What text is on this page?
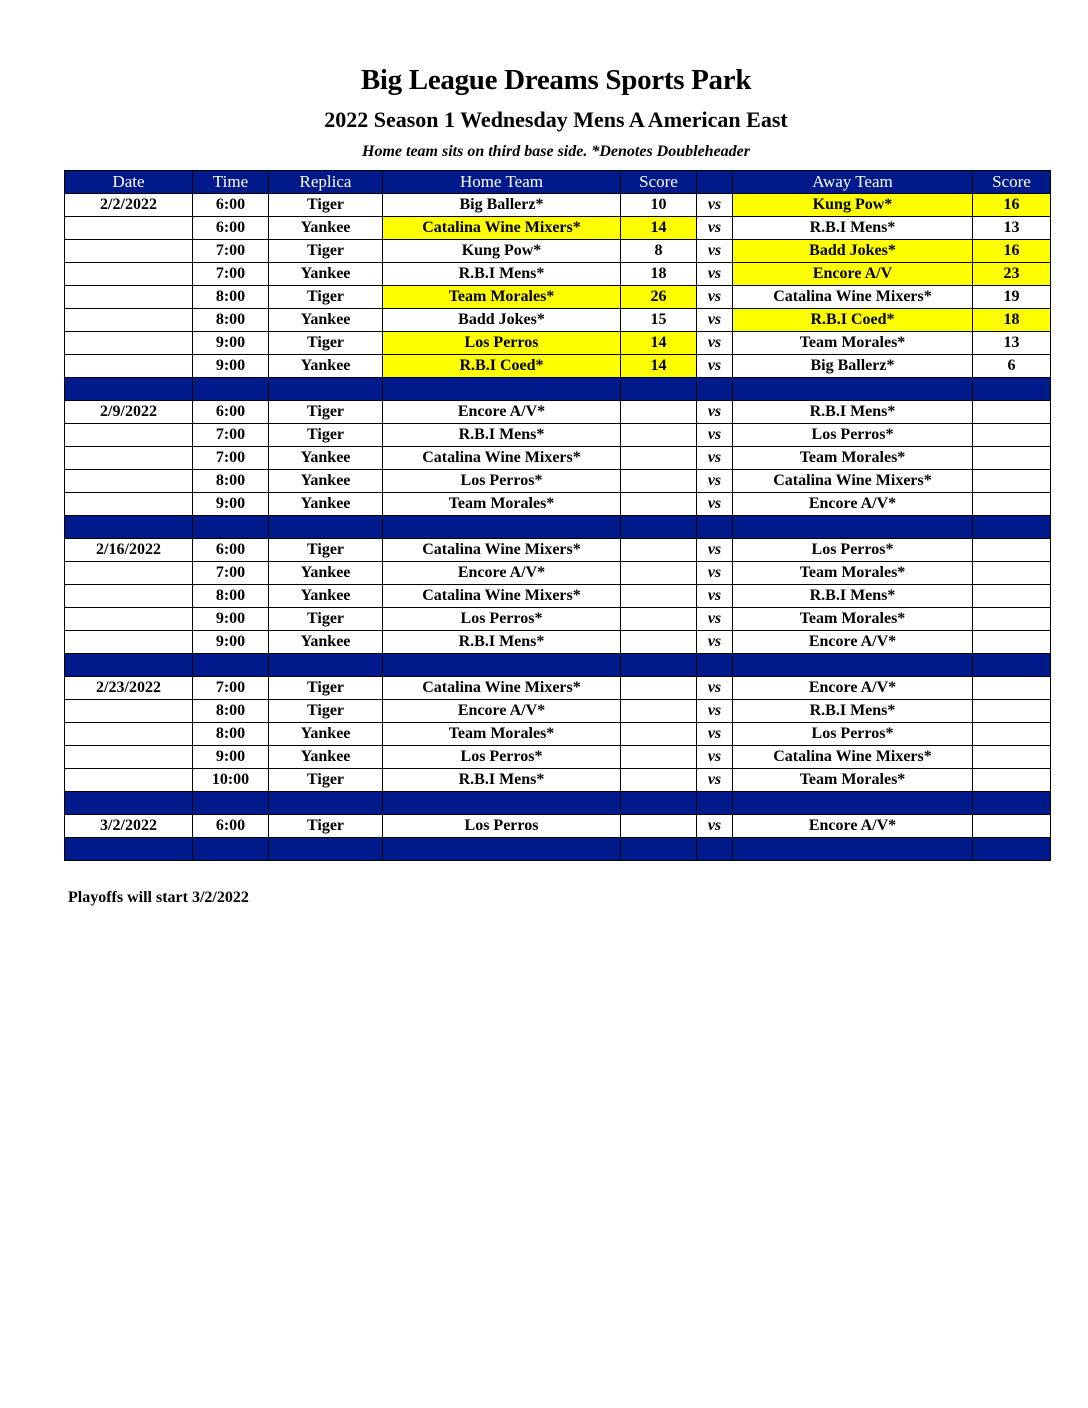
Big League Dreams Sports Park
2022 Season 1 Wednesday Mens A American East
Home team sits on third base side. *Denotes Doubleheader
Date	Time	Replica	Home Team	Score		Away Team	Score
2/2/2022	6:00	Tiger	Big Ballerz*	10	vs	Kung Pow*	16
	6:00	Yankee	Catalina Wine Mixers*	14	vs	R.B.I Mens*	13
	7:00	Tiger	Kung Pow*	8	vs	Badd Jokes*	16
	7:00	Yankee	R.B.I Mens*	18	vs	Encore A/V	23
	8:00	Tiger	Team Morales*	26	vs	Catalina Wine Mixers*	19
	8:00	Yankee	Badd Jokes*	15	vs	R.B.I Coed*	18
	9:00	Tiger	Los Perros	14	vs	Team Morales*	13
	9:00	Yankee	R.B.I Coed*	14	vs	Big Ballerz*	6

2/9/2022	6:00	Tiger	Encore A/V*		vs	R.B.I Mens*	
	7:00	Tiger	R.B.I Mens*		vs	Los Perros*	
	7:00	Yankee	Catalina Wine Mixers*		vs	Team Morales*	
	8:00	Yankee	Los Perros*		vs	Catalina Wine Mixers*	
	9:00	Yankee	Team Morales*		vs	Encore A/V*	

2/16/2022	6:00	Tiger	Catalina Wine Mixers*		vs	Los Perros*	
	7:00	Yankee	Encore A/V*		vs	Team Morales*	
	8:00	Yankee	Catalina Wine Mixers*		vs	R.B.I Mens*	
	9:00	Tiger	Los Perros*		vs	Team Morales*	
	9:00	Yankee	R.B.I Mens*		vs	Encore A/V*	

2/23/2022	7:00	Tiger	Catalina Wine Mixers*		vs	Encore A/V*	
	8:00	Tiger	Encore A/V*		vs	R.B.I Mens*	
	8:00	Yankee	Team Morales*		vs	Los Perros*	
	9:00	Yankee	Los Perros*		vs	Catalina Wine Mixers*	
	10:00	Tiger	R.B.I Mens*		vs	Team Morales*	

3/2/2022	6:00	Tiger	Los Perros		vs	Encore A/V*	

Playoffs will start 3/2/2022
